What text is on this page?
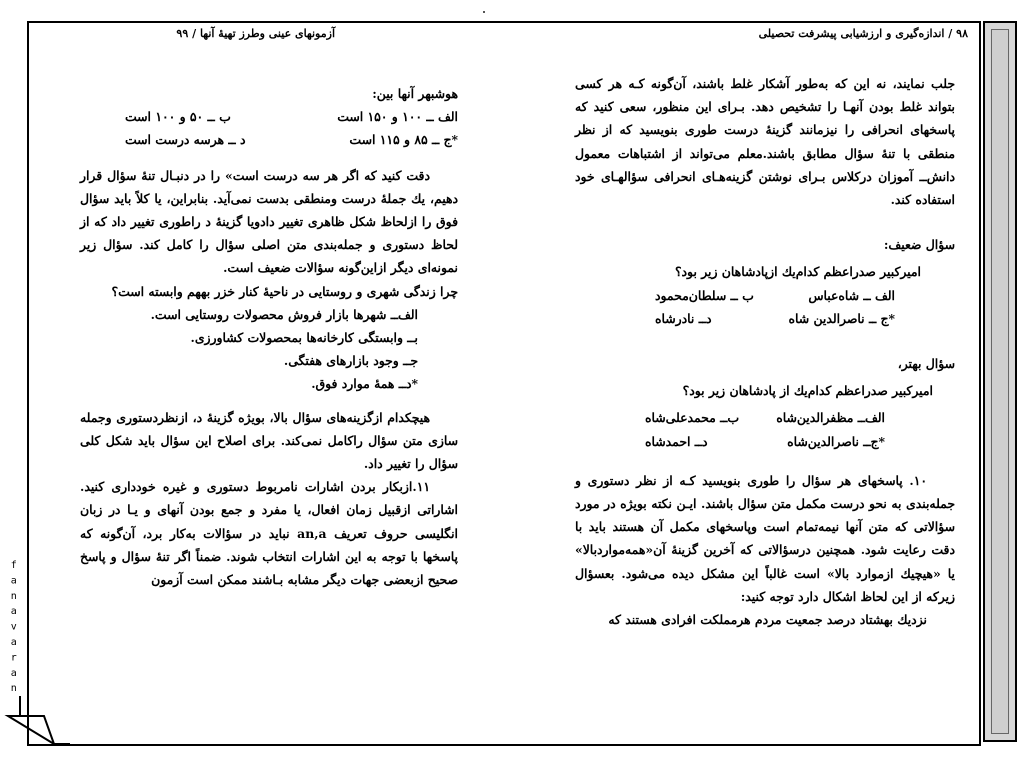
آزمونهای عینی وطرز تهیهٔ آنها / ۹۹	۹۸ / اندازه‌گیری و ارزشیابی پیشرفت تحصیلی

هوشبهر آنها بین:

الف ــ ۱۰۰ و ۱۵۰ است
ب ــ ۵۰ و ۱۰۰ است
*ج ــ ۸۵ و ۱۱۵ است
د ــ هرسه درست است

دقت کنید که اگر هر سه درست است» را در دنبـال تنهٔ سؤال قرار دهیم، یك جملهٔ درست ومنطقی بدست نمی‌آید. بنابراین، یا کلاً باید سؤال فوق را ازلحاظ شکل ظاهری تغییر دادویا گزینهٔ د راطوری تغییر داد که از لحاظ دستوری و جمله‌بندی متن اصلی سؤال را کامل کند. سؤال زیر نمونه‌ای دیگر ازاین‌گونه سؤالات ضعیف است.

چرا زندگی شهری و روستایی در ناحیهٔ کنار خزر بههم وابسته است؟

الف‌ــ شهرها بازار فروش محصولات روستایی است.

بــ وابستگی کارخانه‌ها بمحصولات کشاورزی.

جــ وجود بازارهای هفتگی.

*دــ همهٔ موارد فوق.

هیچکدام ازگزینه‌های سؤال بالا، بویژه گزینهٔ د، ازنظردستوری وجمله سازی متن سؤال راکامل نمی‌کند. برای اصلاح این سؤال باید شکل کلی سؤال را تغییر داد.

۱۱.ازبکار بردن اشارات نامربوط دستوری و غیره خودداری کنید. اشاراتی ازقبیل زمان افعال، یا مفرد و جمع بودن آنهای و یـا در زبان انگلیسی حروف تعریف an,a نباید در سؤالات به‌کار برد، آن‌گونه که پاسخها با توجه به این اشارات انتخاب شوند. ضمناً اگر تنهٔ سؤال و پاسخ صحیح ازبعضی جهات دیگر مشابه بـاشند ممکن است آزمون

جلب نمایند، نه این که به‌طور آشکار غلط باشند، آن‌گونه کـه هر کسی بتواند غلط بودن آنهـا را تشخیص دهد. بـرای این منظور، سعی کنید که پاسخهای انحرافی را نیزمانند گزینهٔ درست طوری بنویسید که از نظر منطقی با تنهٔ سؤال مطابق باشند.معلم می‌تواند از اشتباهات معمول دانش‌ــ آموزان درکلاس بـرای نوشتن گزینه‌هـای انحرافی سؤالهـای خود استفاده کند.

سؤال ضعیف:

امیرکبیر صدراعظم کدام‌یك ازپادشاهان زیر بود؟

الف ــ شاه‌عباس
ب ــ سلطان‌محمود
*ج ــ ناصرالدین شاه
دــ نادرشاه

سؤال بهتر،

امیرکبیر صدراعظم کدام‌یك از پادشاهان زیر بود؟

الف‌ــ مظفرالدین‌شاه
ب‌ــ محمدعلی‌شاه
*ج‌ــ ناصرالدین‌شاه
دــ احمدشاه

۱۰. پاسخهای هر سؤال را طوری بنویسید کـه از نظر دستوری و جمله‌بندی به نحو درست مکمل متن سؤال باشند. ایـن نکته بویژه در مورد سؤالاتی که متن آنها نیمه‌تمام است وپاسخهای مکمل آن هستند باید با دقت رعایت شود. همچنین درسؤالاتی که آخرین گزینهٔ آن‌«همه‌مواردبالا» یا «هیچیك ازموارد بالا» است غالباً این مشکل دیده می‌شود. بعسؤال زیرکه از این لحاظ اشکال دارد توجه کنید:

نزدیك بهشتاد درصد جمعیت مردم هرمملکت افرادی هستند که

fanavaran
